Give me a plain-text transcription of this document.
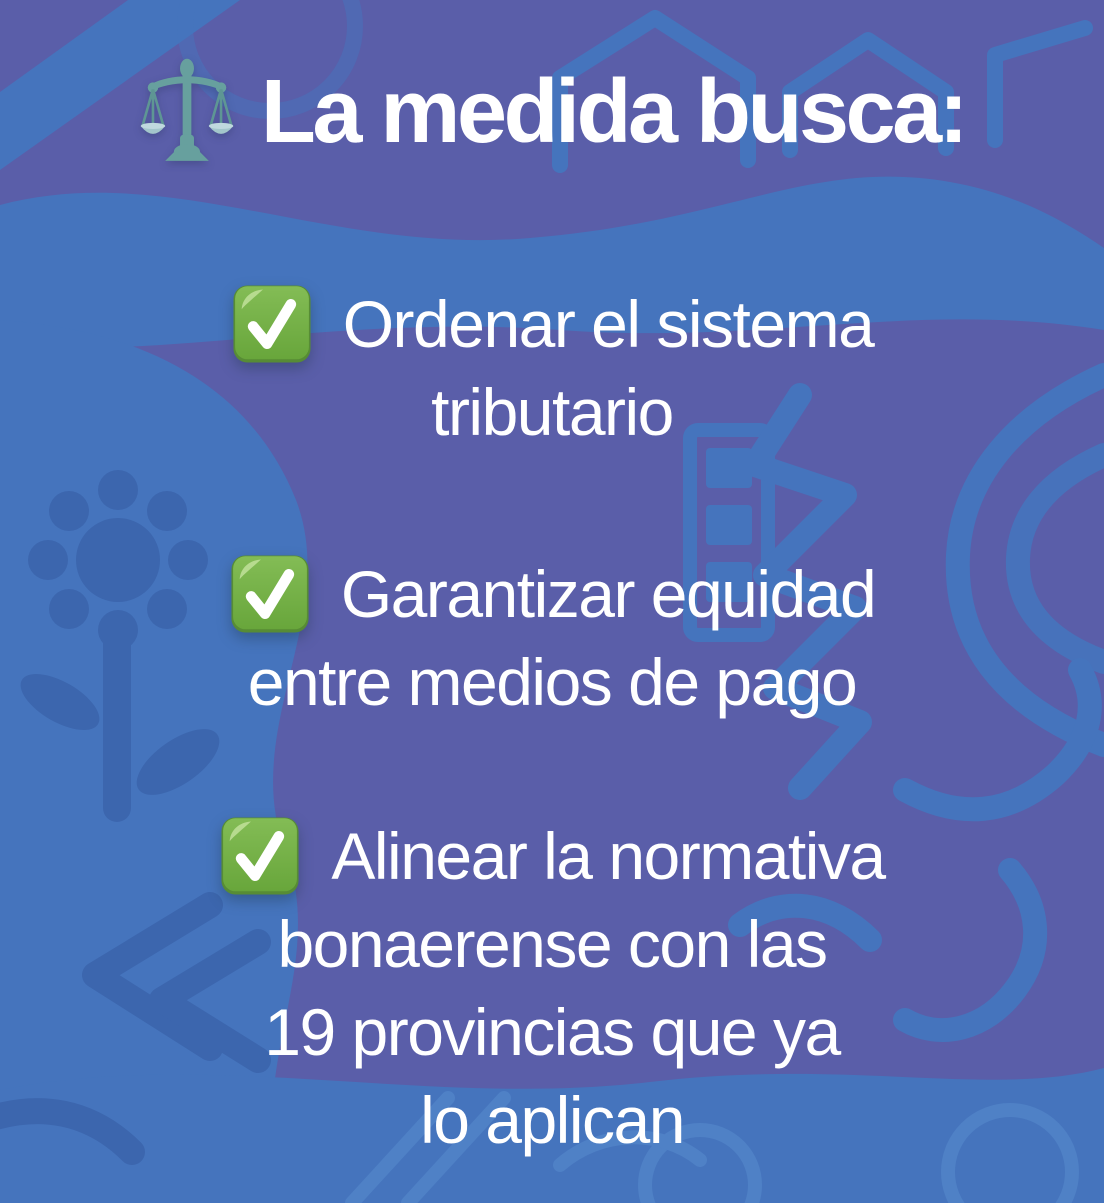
La medida busca:
Ordenar el sistema
tributario
Garantizar equidad
entre medios de pago
Alinear la normativa
bonaerense con las
19 provincias que ya
lo aplican
